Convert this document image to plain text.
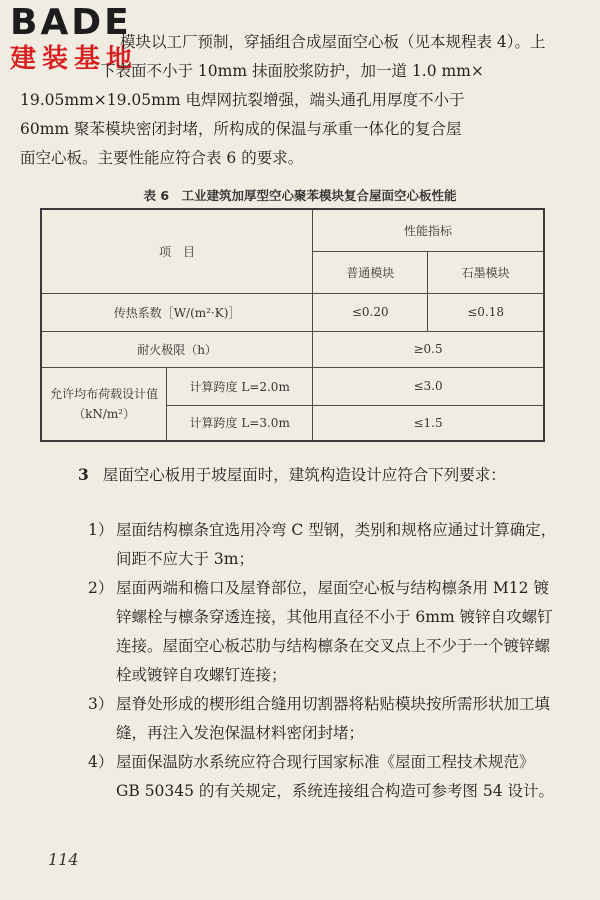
BADE
建装基地

模块以工厂预制，穿插组合成屋面空心板（见本规程表 4）。上
下表面不小于 10mm 抹面胶浆防护，加一道 1.0 mm×
19.05mm×19.05mm 电焊网抗裂增强，端头通孔用厚度不小于
60mm 聚苯模块密闭封堵，所构成的保温与承重一体化的复合屋
面空心板。主要性能应符合表 6 的要求。

表 6　工业建筑加厚型空心聚苯模块复合屋面空心板性能
项　目		性能指标	
		普通模块	石墨模块
传热系数［W/(m²·K)］		≤0.20	≤0.18
耐火极限（h）		≥0.5	
允许均布荷载设计值（kN/m²）	计算跨度 L=2.0m	≤3.0	
	计算跨度 L=3.0m	≤1.5	

3 屋面空心板用于坡屋面时，建筑构造设计应符合下列要求：

1） 屋面结构檩条宜选用冷弯 C 型钢，类别和规格应通过计算确定，间距不应大于 3m；
2） 屋面两端和檐口及屋脊部位，屋面空心板与结构檩条用 M12 镀锌螺栓与檩条穿透连接，其他用直径不小于 6mm 镀锌自攻螺钉连接。屋面空心板芯肋与结构檩条在交叉点上不少于一个镀锌螺栓或镀锌自攻螺钉连接；
3） 屋脊处形成的楔形组合缝用切割器将粘贴模块按所需形状加工填缝，再注入发泡保温材料密闭封堵；
4） 屋面保温防水系统应符合现行国家标准《屋面工程技术规范》GB 50345 的有关规定，系统连接组合构造可参考图 54 设计。
114
